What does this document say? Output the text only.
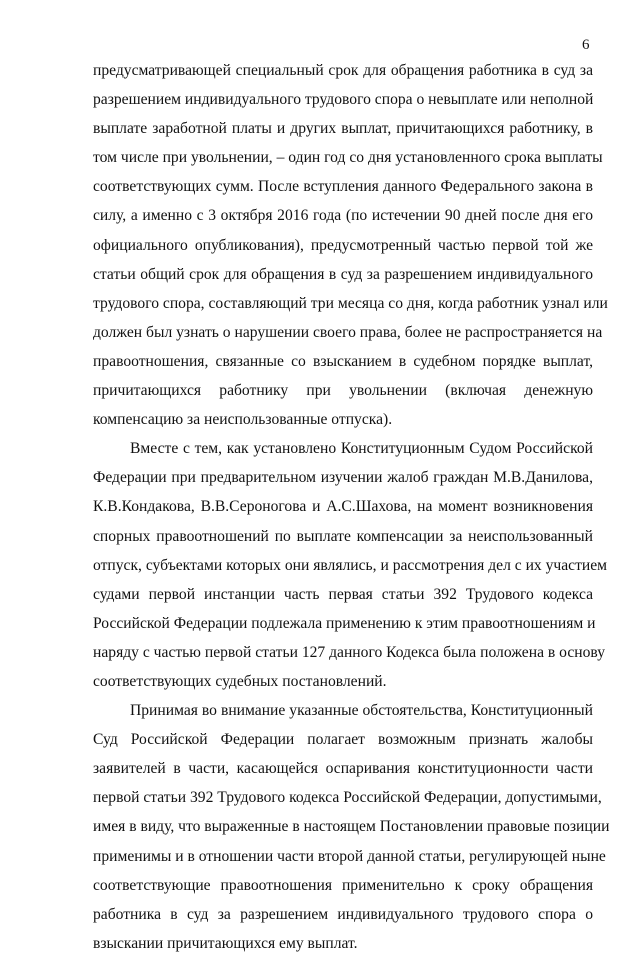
6
предусматривающей специальный срок для обращения работника в суд за
разрешением индивидуального трудового спора о невыплате или неполной
выплате заработной платы и других выплат, причитающихся работнику, в
том числе при увольнении, – один год со дня установленного срока выплаты
соответствующих сумм. После вступления данного Федерального закона в
силу, а именно с 3 октября 2016 года (по истечении 90 дней после дня его
официального опубликования), предусмотренный частью первой той же
статьи общий срок для обращения в суд за разрешением индивидуального
трудового спора, составляющий три месяца со дня, когда работник узнал или
должен был узнать о нарушении своего права, более не распространяется на
правоотношения, связанные со взысканием в судебном порядке выплат,
причитающихся работнику при увольнении (включая денежную
компенсацию за неиспользованные отпуска).
Вместе с тем, как установлено Конституционным Судом Российской
Федерации при предварительном изучении жалоб граждан М.В.Данилова,
К.В.Кондакова, В.В.Сероногова и А.С.Шахова, на момент возникновения
спорных правоотношений по выплате компенсации за неиспользованный
отпуск, субъектами которых они являлись, и рассмотрения дел с их участием
судами первой инстанции часть первая статьи 392 Трудового кодекса
Российской Федерации подлежала применению к этим правоотношениям и
наряду с частью первой статьи 127 данного Кодекса была положена в основу
соответствующих судебных постановлений.
Принимая во внимание указанные обстоятельства, Конституционный
Суд Российской Федерации полагает возможным признать жалобы
заявителей в части, касающейся оспаривания конституционности части
первой статьи 392 Трудового кодекса Российской Федерации, допустимыми,
имея в виду, что выраженные в настоящем Постановлении правовые позиции
применимы и в отношении части второй данной статьи, регулирующей ныне
соответствующие правоотношения применительно к сроку обращения
работника в суд за разрешением индивидуального трудового спора о
взыскании причитающихся ему выплат.
